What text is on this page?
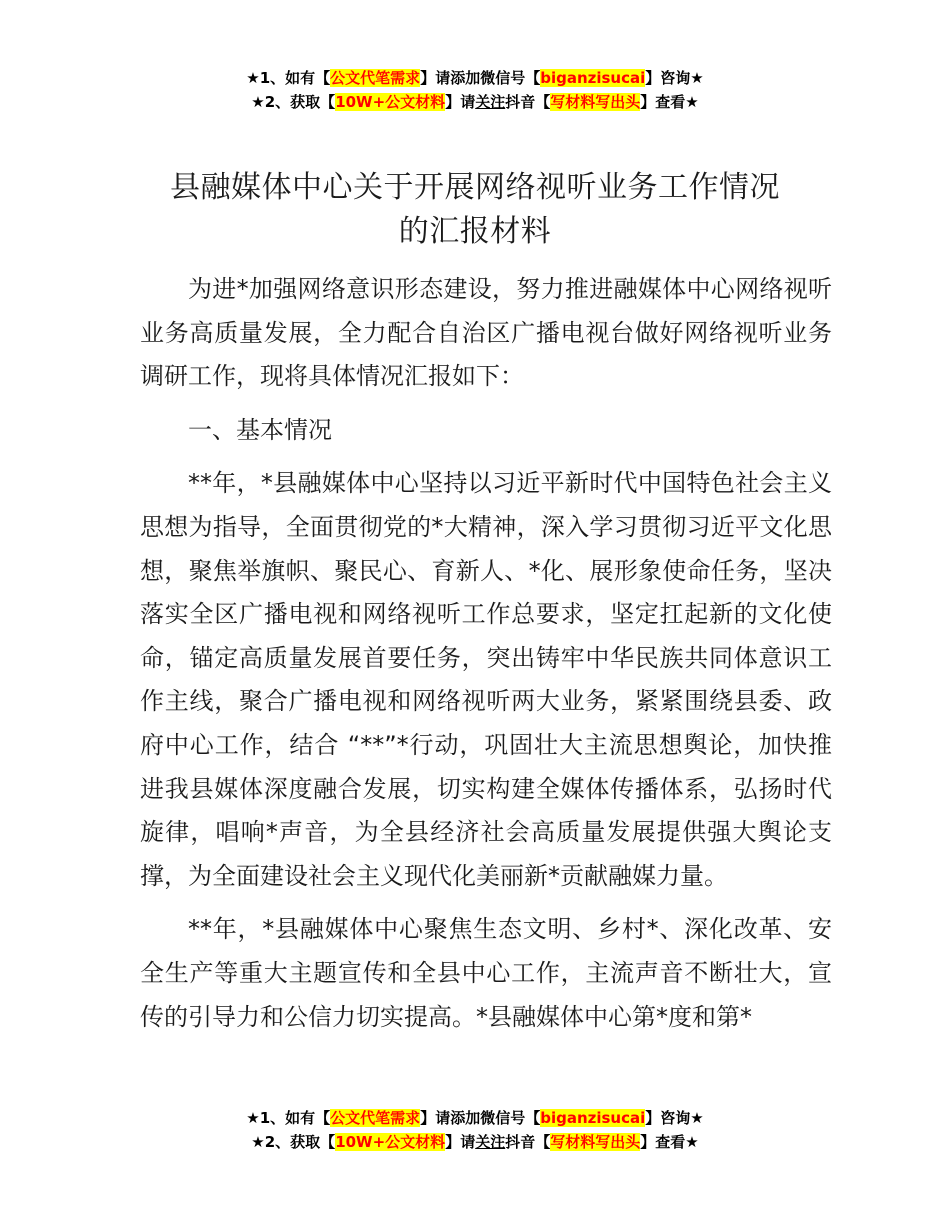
★1、如有【公文代笔需求】请添加微信号【biganzisucai】咨询★
★2、获取【10W+公文材料】请关注抖音【写材料写出头】查看★
县融媒体中心关于开展网络视听业务工作情况
的汇报材料

为进*加强网络意识形态建设，努力推进融媒体中心网络视听业务高质量发展，全力配合自治区广播电视台做好网络视听业务调研工作，现将具体情况汇报如下：

一、基本情况

**年，*县融媒体中心坚持以习近平新时代中国特色社会主义思想为指导，全面贯彻党的*大精神，深入学习贯彻习近平文化思想，聚焦举旗帜、聚民心、育新人、*化、展形象使命任务，坚决落实全区广播电视和网络视听工作总要求，坚定扛起新的文化使命，锚定高质量发展首要任务，突出铸牢中华民族共同体意识工作主线，聚合广播电视和网络视听两大业务，紧紧围绕县委、政府中心工作，结合 “**”*行动，巩固壮大主流思想舆论，加快推进我县媒体深度融合发展，切实构建全媒体传播体系，弘扬时代旋律，唱响*声音，为全县经济社会高质量发展提供强大舆论支撑，为全面建设社会主义现代化美丽新*贡献融媒力量。

**年，*县融媒体中心聚焦生态文明、乡村*、深化改革、安全生产等重大主题宣传和全县中心工作，主流声音不断壮大，宣传的引导力和公信力切实提高。*县融媒体中心第*度和第*

★1、如有【公文代笔需求】请添加微信号【biganzisucai】咨询★
★2、获取【10W+公文材料】请关注抖音【写材料写出头】查看★
